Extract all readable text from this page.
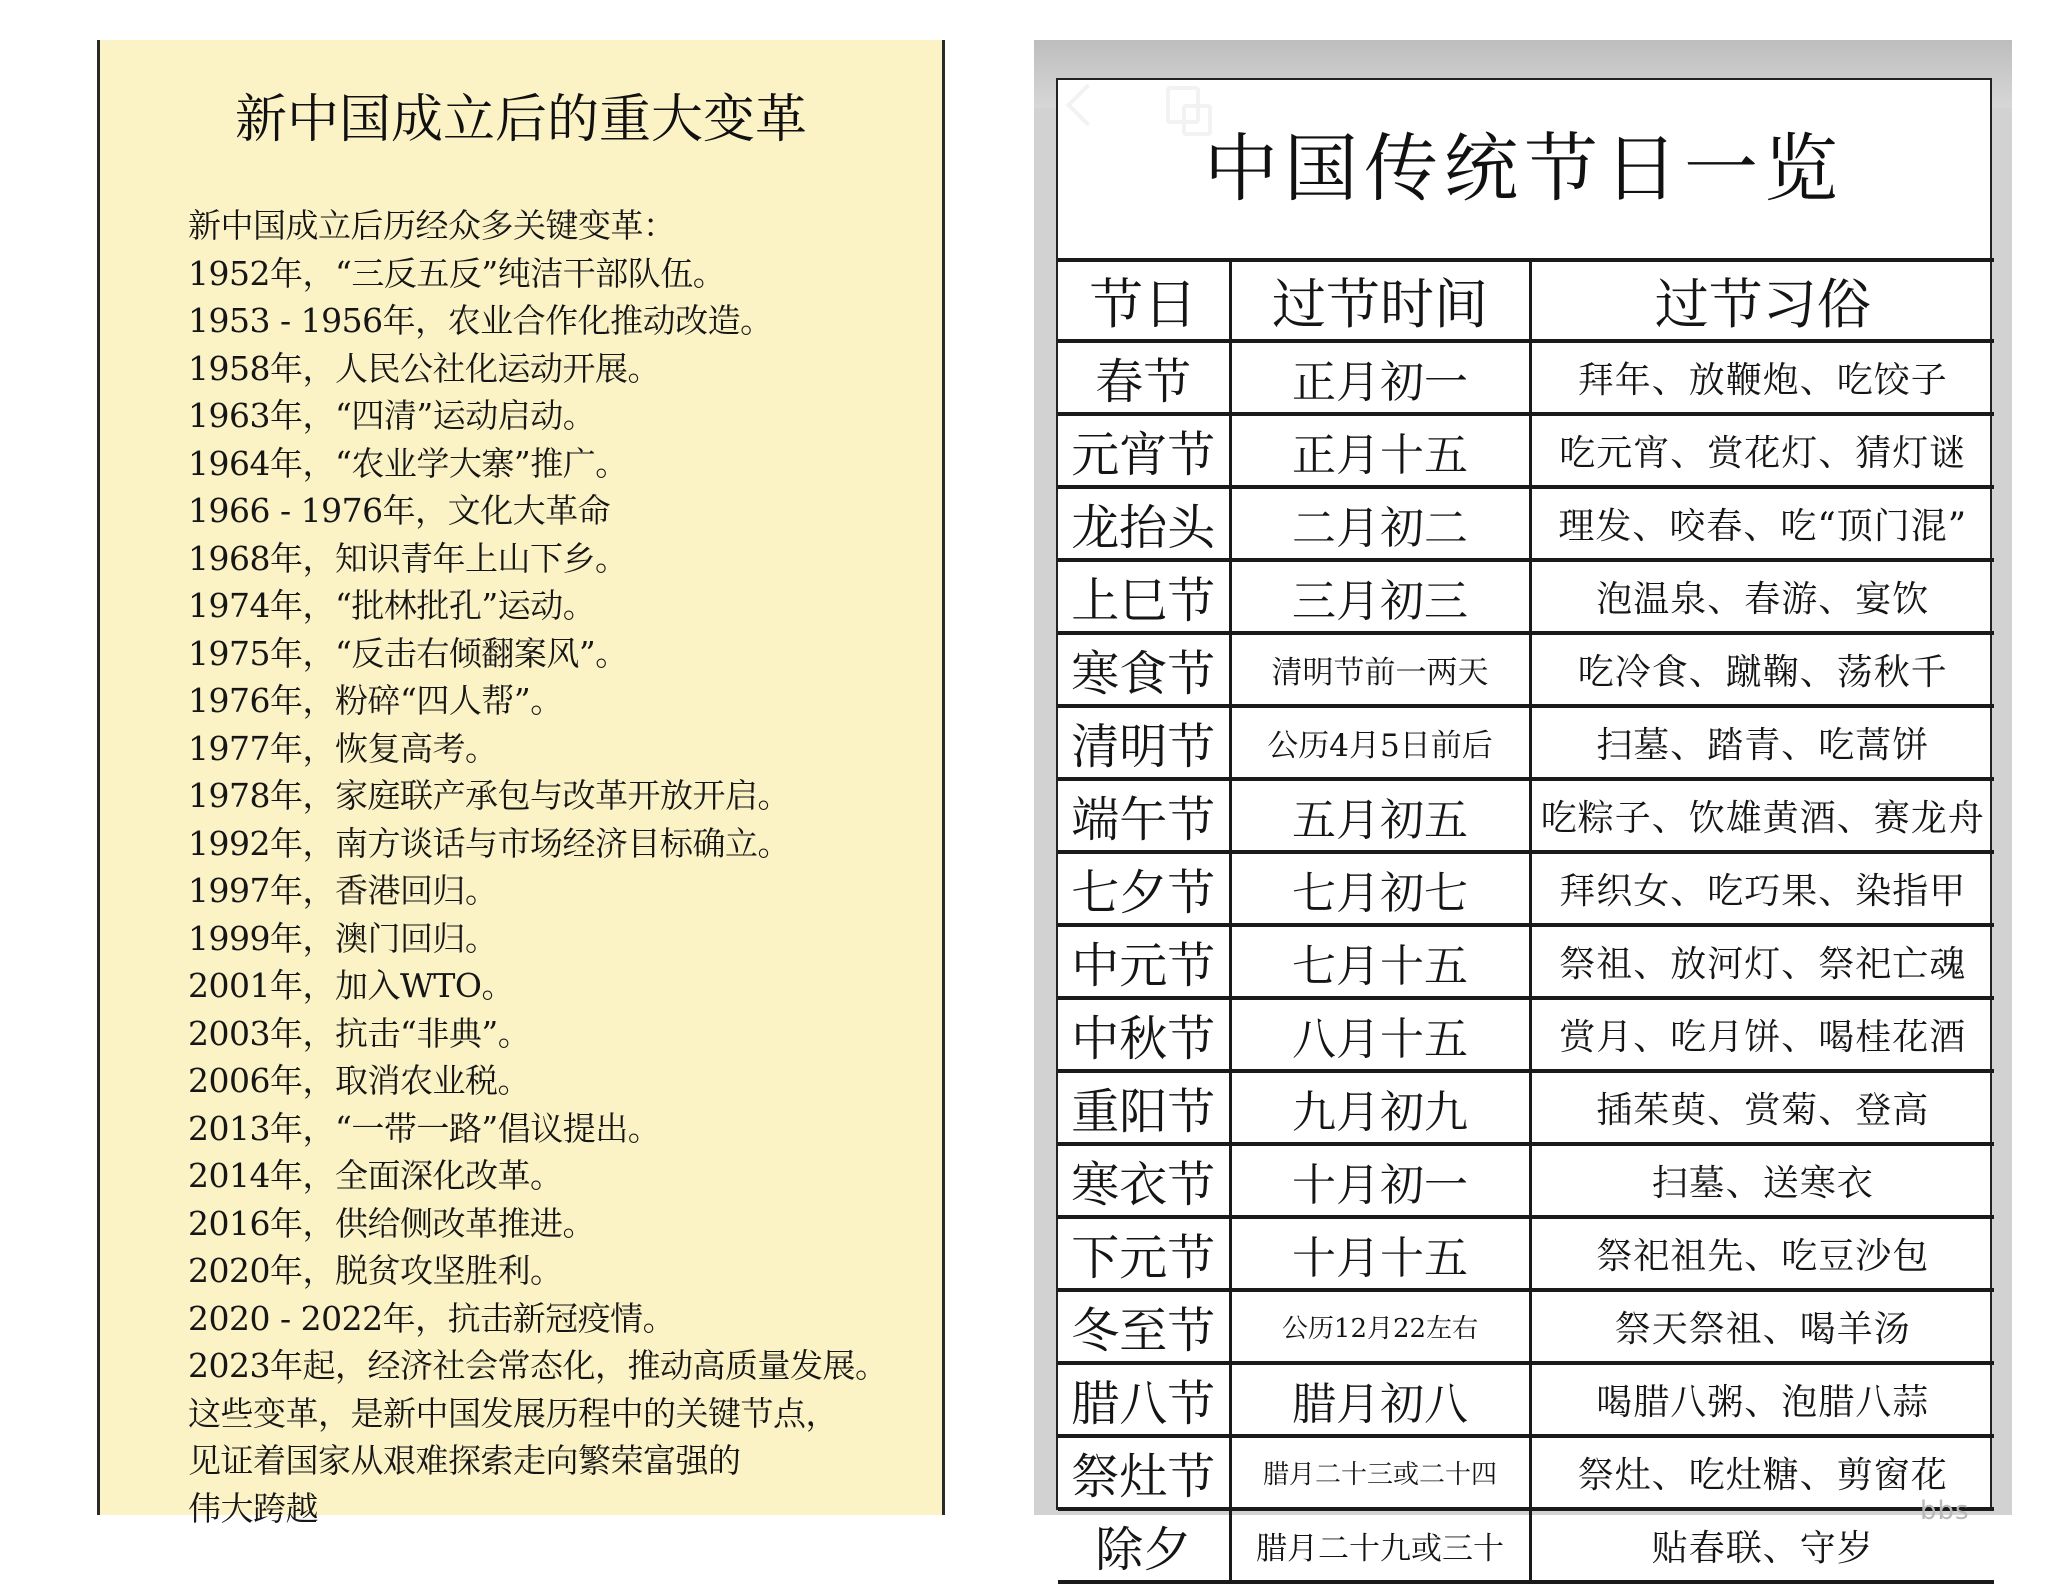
新中国成立后的重大变革
新中国成立后历经众多关键变革：
1952年，“三反五反”纯洁干部队伍。
1953 - 1956年，农业合作化推动改造。
1958年，人民公社化运动开展。
1963年，“四清”运动启动。
1964年，“农业学大寨”推广。
1966 - 1976年，文化大革命
1968年，知识青年上山下乡。
1974年，“批林批孔”运动。
1975年，“反击右倾翻案风”。
1976年，粉碎“四人帮”。
1977年，恢复高考。
1978年，家庭联产承包与改革开放开启。
1992年，南方谈话与市场经济目标确立。
1997年，香港回归。
1999年，澳门回归。
2001年，加入WTO。
2003年，抗击“非典”。
2006年，取消农业税。
2013年，“一带一路”倡议提出。
2014年，全面深化改革。
2016年，供给侧改革推进。
2020年，脱贫攻坚胜利。
2020 - 2022年，抗击新冠疫情。
2023年起，经济社会常态化，推动高质量发展。
这些变革，是新中国发展历程中的关键节点，
见证着国家从艰难探索走向繁荣富强的
伟大跨越
中国传统节日一览
节日	过节时间	过节习俗
春节	正月初一	拜年、放鞭炮、吃饺子
元宵节	正月十五	吃元宵、赏花灯、猜灯谜
龙抬头	二月初二	理发、咬春、吃“顶门混”
上巳节	三月初三	泡温泉、春游、宴饮
寒食节	清明节前一两天	吃冷食、蹴鞠、荡秋千
清明节	公历4月5日前后	扫墓、踏青、吃蒿饼
端午节	五月初五	吃粽子、饮雄黄酒、赛龙舟
七夕节	七月初七	拜织女、吃巧果、染指甲
中元节	七月十五	祭祖、放河灯、祭祀亡魂
中秋节	八月十五	赏月、吃月饼、喝桂花酒
重阳节	九月初九	插茱萸、赏菊、登高
寒衣节	十月初一	扫墓、送寒衣
下元节	十月十五	祭祀祖先、吃豆沙包
冬至节	公历12月22左右	祭天祭祖、喝羊汤
腊八节	腊月初八	喝腊八粥、泡腊八蒜
祭灶节	腊月二十三或二十四	祭灶、吃灶糖、剪窗花
除夕	腊月二十九或三十	贴春联、守岁
bbs
